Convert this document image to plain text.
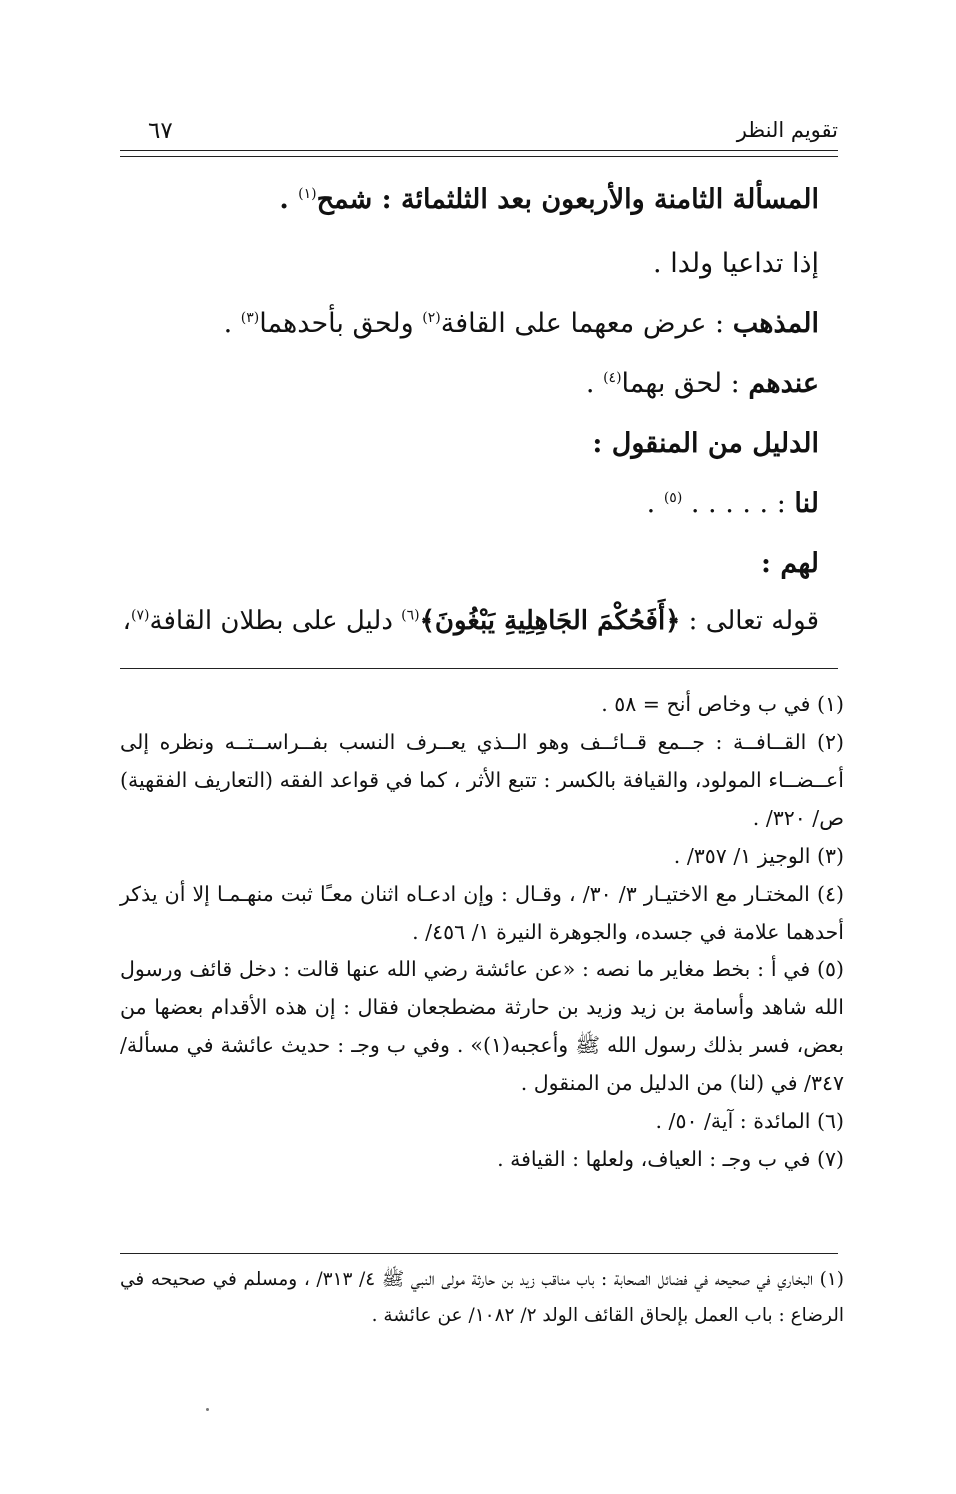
تقويم النظر
٦٧
المسألة الثامنة والأربعون بعد الثلثمائة : شمح$^{(١)}$ .
إذا تداعيا ولدا .
المذهب : عرض معهما على القافة$^{(٢)}$ ولحق بأحدهما$^{(٣)}$ .
عندهم : لحق بهما$^{(٤)}$ .
الدليل من المنقول :
لنا : . . . . . $^{(٥)}$ .
لهم :
قوله تعالى : ﴿أَفَحُكْمَ الجَاهِلِيةِ يَبْغُونَ﴾$^{(٦)}$ دليل على بطلان القافة$^{(٧)}$،
(١) في ب وخاص أنح = ٥٨ .
(٢) القــافــة : جــمع قــائــف وهو الــذي يعــرف النسب بفــراســتــه ونظره إلى أعــضــاء المولود، والقيافة بالكسر : تتبع الأثر ، كما في قواعد الفقه (التعاريف الفقهية) ص/ ٣٢٠/ .
(٣) الوجيز ١/ ٣٥٧/ .
(٤) المختـار مع الاختيـار ٣/ ٣٠/ ، وقـال : وإن ادعـاه اثنان معـًا ثبت منهـمـا إلا أن يذكر أحدهما علامة في جسده، والجوهرة النيرة ١/ ٤٥٦/ .
(٥) في أ : بخط مغاير ما نصه : «عن عائشة رضي الله عنها قالت : دخل قائف ورسول الله شاهد وأسامة بن زيد وزيد بن حارثة مضطجعان فقال : إن هذه الأقدام بعضها من بعض، فسر بذلك رسول الله ﷺ وأعجبه(١)» . وفي ب وجـ : حديث عائشة في مسألة/ ٣٤٧/ في (لنا) من الدليل من المنقول .
(٦) المائدة : آية/ ٥٠/ .
(٧) في ب وجـ : العياف، ولعلها : القيافة .
(١) البخاري في صحيحه في فضائل الصحابة : باب مناقب زيد بن حارثة مولى النبي ﷺ ٤/ ٣١٣/ ، ومسلم في صحيحه في الرضاع : باب العمل بإلحاق القائف الولد ٢/ ١٠٨٢/ عن عائشة .
